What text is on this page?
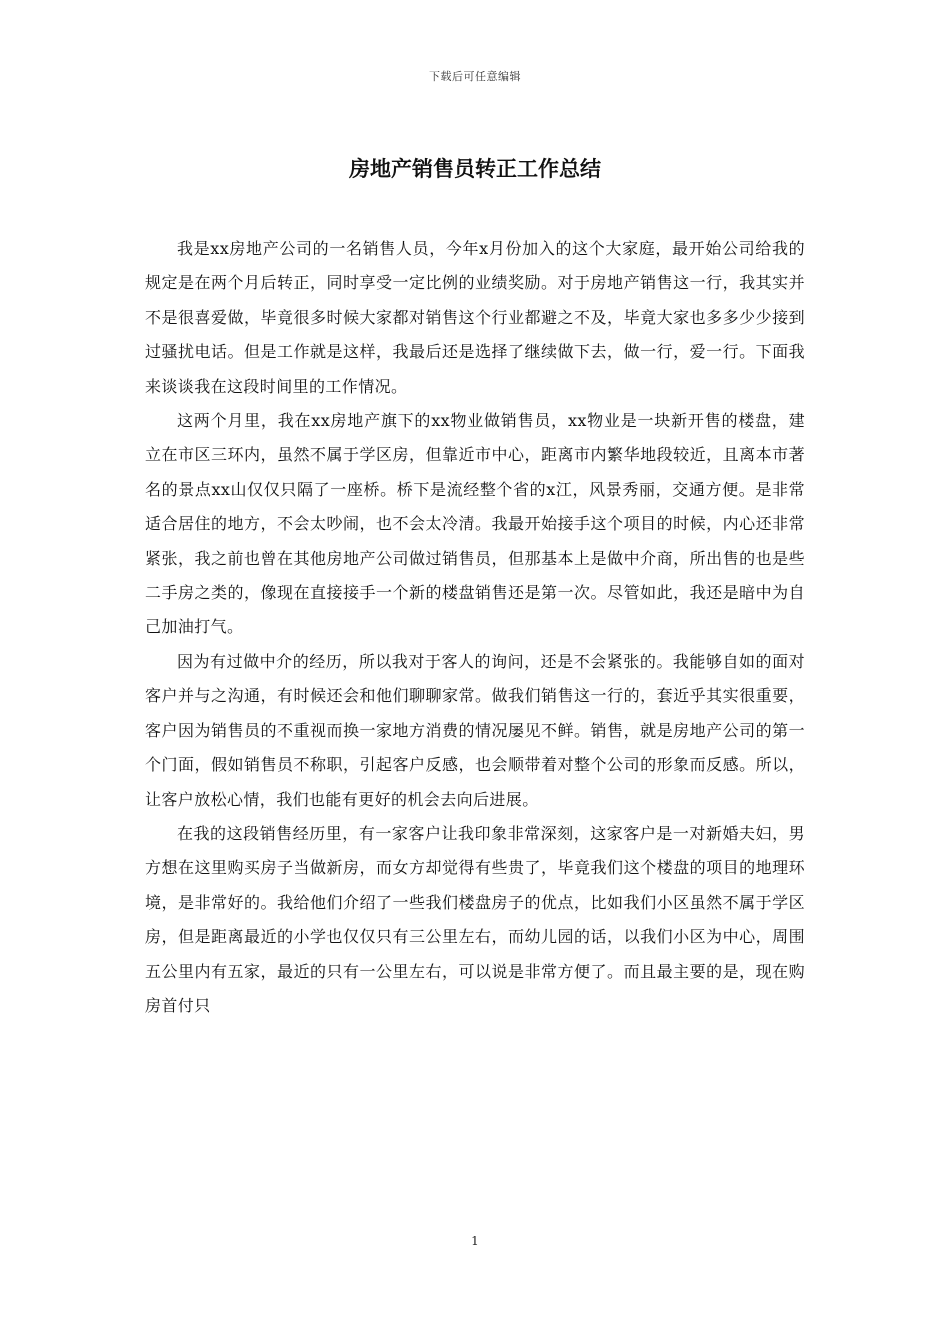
下载后可任意编辑
房地产销售员转正工作总结

我是xx房地产公司的一名销售人员，今年x月份加入的这个大家庭，最开始公司给我的规定是在两个月后转正，同时享受一定比例的业绩奖励。对于房地产销售这一行，我其实并不是很喜爱做，毕竟很多时候大家都对销售这个行业都避之不及，毕竟大家也多多少少接到过骚扰电话。但是工作就是这样，我最后还是选择了继续做下去，做一行，爱一行。下面我来谈谈我在这段时间里的工作情况。

这两个月里，我在xx房地产旗下的xx物业做销售员，xx物业是一块新开售的楼盘，建立在市区三环内，虽然不属于学区房，但靠近市中心，距离市内繁华地段较近，且离本市著名的景点xx山仅仅只隔了一座桥。桥下是流经整个省的x江，风景秀丽，交通方便。是非常适合居住的地方，不会太吵闹，也不会太冷清。我最开始接手这个项目的时候，内心还非常紧张，我之前也曾在其他房地产公司做过销售员，但那基本上是做中介商，所出售的也是些二手房之类的，像现在直接接手一个新的楼盘销售还是第一次。尽管如此，我还是暗中为自己加油打气。

因为有过做中介的经历，所以我对于客人的询问，还是不会紧张的。我能够自如的面对客户并与之沟通，有时候还会和他们聊聊家常。做我们销售这一行的，套近乎其实很重要，客户因为销售员的不重视而换一家地方消费的情况屡见不鲜。销售，就是房地产公司的第一个门面，假如销售员不称职，引起客户反感，也会顺带着对整个公司的形象而反感。所以，让客户放松心情，我们也能有更好的机会去向后进展。

在我的这段销售经历里，有一家客户让我印象非常深刻，这家客户是一对新婚夫妇，男方想在这里购买房子当做新房，而女方却觉得有些贵了，毕竟我们这个楼盘的项目的地理环境，是非常好的。我给他们介绍了一些我们楼盘房子的优点，比如我们小区虽然不属于学区房，但是距离最近的小学也仅仅只有三公里左右，而幼儿园的话，以我们小区为中心，周围五公里内有五家，最近的只有一公里左右，可以说是非常方便了。而且最主要的是，现在购房首付只

1
